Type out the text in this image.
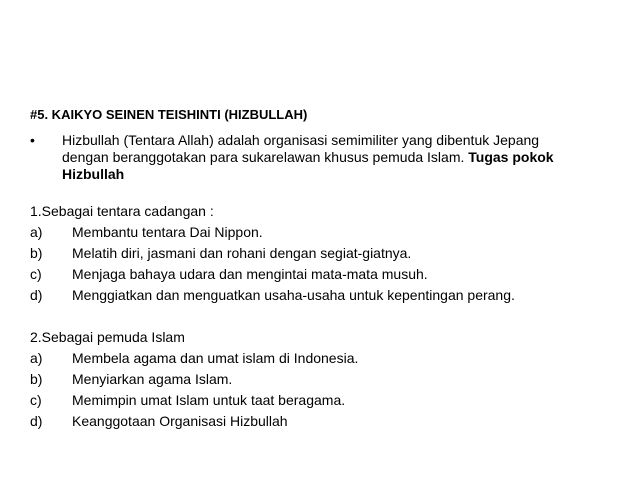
#5. KAIKYO SEINEN TEISHINTI (HIZBULLAH)
•	Hizbullah (Tentara Allah) adalah organisasi semimiliter yang dibentuk Jepang dengan beranggotakan para sukarelawan khusus pemuda Islam. Tugas pokok Hizbullah
1.Sebagai tentara cadangan :
a)	Membantu tentara Dai Nippon.
b)	Melatih diri, jasmani dan rohani dengan segiat-giatnya.
c)	Menjaga bahaya udara dan mengintai mata-mata musuh.
d)	Menggiatkan dan menguatkan usaha-usaha untuk kepentingan perang.
2.Sebagai pemuda Islam
a)	Membela agama dan umat islam di Indonesia.
b)	Menyiarkan agama Islam.
c)	Memimpin umat Islam untuk taat beragama.
d)	Keanggotaan Organisasi Hizbullah
